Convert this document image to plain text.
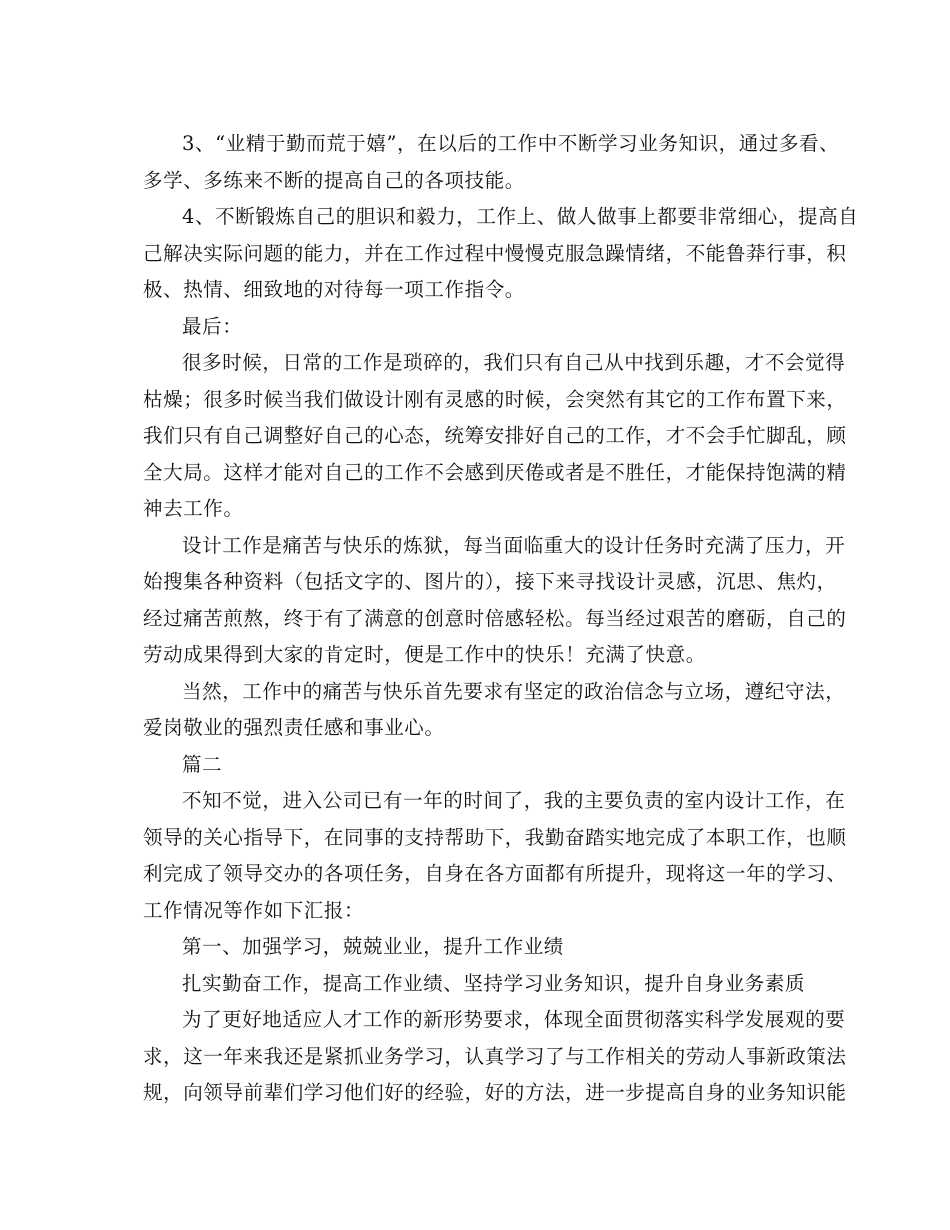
3、“业精于勤而荒于嬉”，在以后的工作中不断学习业务知识，通过多看、
多学、多练来不断的提高自己的各项技能。
4、不断锻炼自己的胆识和毅力，工作上、做人做事上都要非常细心，提高自
己解决实际问题的能力，并在工作过程中慢慢克服急躁情绪，不能鲁莽行事，积
极、热情、细致地的对待每一项工作指令。
最后：
很多时候，日常的工作是琐碎的，我们只有自己从中找到乐趣，才不会觉得
枯燥；很多时候当我们做设计刚有灵感的时候，会突然有其它的工作布置下来，
我们只有自己调整好自己的心态，统筹安排好自己的工作，才不会手忙脚乱，顾
全大局。这样才能对自己的工作不会感到厌倦或者是不胜任，才能保持饱满的精
神去工作。
设计工作是痛苦与快乐的炼狱，每当面临重大的设计任务时充满了压力，开
始搜集各种资料（包括文字的、图片的），接下来寻找设计灵感，沉思、焦灼，
经过痛苦煎熬，终于有了满意的创意时倍感轻松。每当经过艰苦的磨砺，自己的
劳动成果得到大家的肯定时，便是工作中的快乐！充满了快意。
当然，工作中的痛苦与快乐首先要求有坚定的政治信念与立场，遵纪守法，
爱岗敬业的强烈责任感和事业心。
篇二
不知不觉，进入公司已有一年的时间了，我的主要负责的室内设计工作，在
领导的关心指导下，在同事的支持帮助下，我勤奋踏实地完成了本职工作，也顺
利完成了领导交办的各项任务，自身在各方面都有所提升，现将这一年的学习、
工作情况等作如下汇报：
第一、加强学习，兢兢业业，提升工作业绩
扎实勤奋工作，提高工作业绩、坚持学习业务知识，提升自身业务素质
为了更好地适应人才工作的新形势要求，体现全面贯彻落实科学发展观的要
求，这一年来我还是紧抓业务学习，认真学习了与工作相关的劳动人事新政策法
规，向领导前辈们学习他们好的经验，好的方法，进一步提高自身的业务知识能
